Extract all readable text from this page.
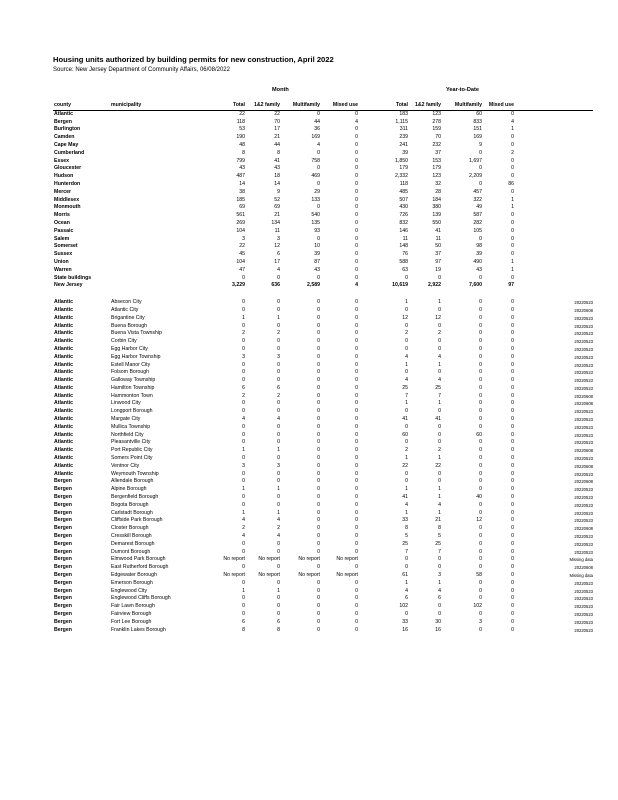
Housing units authorized by building permits for new construction, April 2022
Source: New Jersey Department of Community Affairs, 06/08/2022
Month	Year-to-Date
county	municipality	Total	1&2 family	Multifamily	Mixed use	Total	1&2 family	Multifamily	Mixed use	
Atlantic		22	22	0	0	183	123	60	0	
Bergen		118	70	44	4	1,115	278	833	4	
Burlington		53	17	36	0	311	159	151	1	
Camden		190	21	169	0	239	70	169	0	
Cape May		48	44	4	0	241	232	9	0	
Cumberland		8	8	0	0	39	37	0	2	
Essex		799	41	758	0	1,850	153	1,697	0	
Gloucester		43	43	0	0	179	179	0	0	
Hudson		487	18	469	0	2,332	123	2,209	0	
Hunterdon		14	14	0	0	118	32	0	86	
Mercer		38	9	29	0	485	28	457	0	
Middlesex		185	52	133	0	507	184	322	1	
Monmouth		69	69	0	0	430	380	49	1	
Morris		561	21	540	0	726	139	587	0	
Ocean		269	134	135	0	832	550	282	0	
Passaic		104	11	93	0	146	41	105	0	
Salem		3	3	0	0	11	11	0	0	
Somerset		22	12	10	0	148	50	98	0	
Sussex		45	6	39	0	76	37	39	0	
Union		104	17	87	0	588	97	490	1	
Warren		47	4	43	0	63	19	43	1	
State buildings		0	0	0	0	0	0	0	0	
New Jersey		3,229	636	2,589	4	10,619	2,922	7,600	97	

Atlantic	Absecon City	0	0	0	0	1	1	0	0	20220523
Atlantic	Atlantic City	0	0	0	0	0	0	0	0	20220608
Atlantic	Brigantine City	1	1	0	0	12	12	0	0	20220523
Atlantic	Buena Borough	0	0	0	0	0	0	0	0	20220523
Atlantic	Buena Vista Township	2	2	0	0	2	2	0	0	20220523
Atlantic	Corbin City	0	0	0	0	0	0	0	0	20220523
Atlantic	Egg Harbor City	0	0	0	0	0	0	0	0	20220523
Atlantic	Egg Harbor Township	3	3	0	0	4	4	0	0	20220523
Atlantic	Estell Manor City	0	0	0	0	1	1	0	0	20220523
Atlantic	Folsom Borough	0	0	0	0	0	0	0	0	20220523
Atlantic	Galloway Township	0	0	0	0	4	4	0	0	20220523
Atlantic	Hamilton Township	6	6	0	0	25	25	0	0	20220523
Atlantic	Hammonton Town	2	2	0	0	7	7	0	0	20220608
Atlantic	Linwood City	0	0	0	0	1	1	0	0	20220608
Atlantic	Longport Borough	0	0	0	0	0	0	0	0	20220523
Atlantic	Margate City	4	4	0	0	41	41	0	0	20220523
Atlantic	Mullica Township	0	0	0	0	0	0	0	0	20220523
Atlantic	Northfield City	0	0	0	0	60	0	60	0	20220523
Atlantic	Pleasantville City	0	0	0	0	0	0	0	0	20220523
Atlantic	Port Republic City	1	1	0	0	2	2	0	0	20220608
Atlantic	Somers Point City	0	0	0	0	1	1	0	0	20220523
Atlantic	Ventnor City	3	3	0	0	22	22	0	0	20220608
Atlantic	Weymouth Township	0	0	0	0	0	0	0	0	20220523
Bergen	Allendale Borough	0	0	0	0	0	0	0	0	20220608
Bergen	Alpine Borough	1	1	0	0	1	1	0	0	20220523
Bergen	Bergenfield Borough	0	0	0	0	41	1	40	0	20220523
Bergen	Bogota Borough	0	0	0	0	4	4	0	0	20220523
Bergen	Carlstadt Borough	1	1	0	0	1	1	0	0	20220523
Bergen	Cliffside Park Borough	4	4	0	0	33	21	12	0	20220523
Bergen	Closter Borough	2	2	0	0	8	8	0	0	20220608
Bergen	Cresskill Borough	4	4	0	0	5	5	0	0	20220523
Bergen	Demarest Borough	0	0	0	0	25	25	0	0	20220523
Bergen	Dumont Borough	0	0	0	0	7	7	0	0	20220523
Bergen	Elmwood Park Borough	No report	No report	No report	No report	0	0	0	0	Missing data
Bergen	East Rutherford Borough	0	0	0	0	0	0	0	0	20220608
Bergen	Edgewater Borough	No report	No report	No report	No report	61	3	58	0	Missing data
Bergen	Emerson Borough	0	0	0	0	1	1	0	0	20220523
Bergen	Englewood City	1	1	0	0	4	4	0	0	20220523
Bergen	Englewood Cliffs Borough	0	0	0	0	6	6	0	0	20220523
Bergen	Fair Lawn Borough	0	0	0	0	102	0	102	0	20220523
Bergen	Fairview Borough	0	0	0	0	0	0	0	0	20220523
Bergen	Fort Lee Borough	6	6	0	0	33	30	3	0	20220523
Bergen	Franklin Lakes Borough	8	8	0	0	16	16	0	0	20220523
